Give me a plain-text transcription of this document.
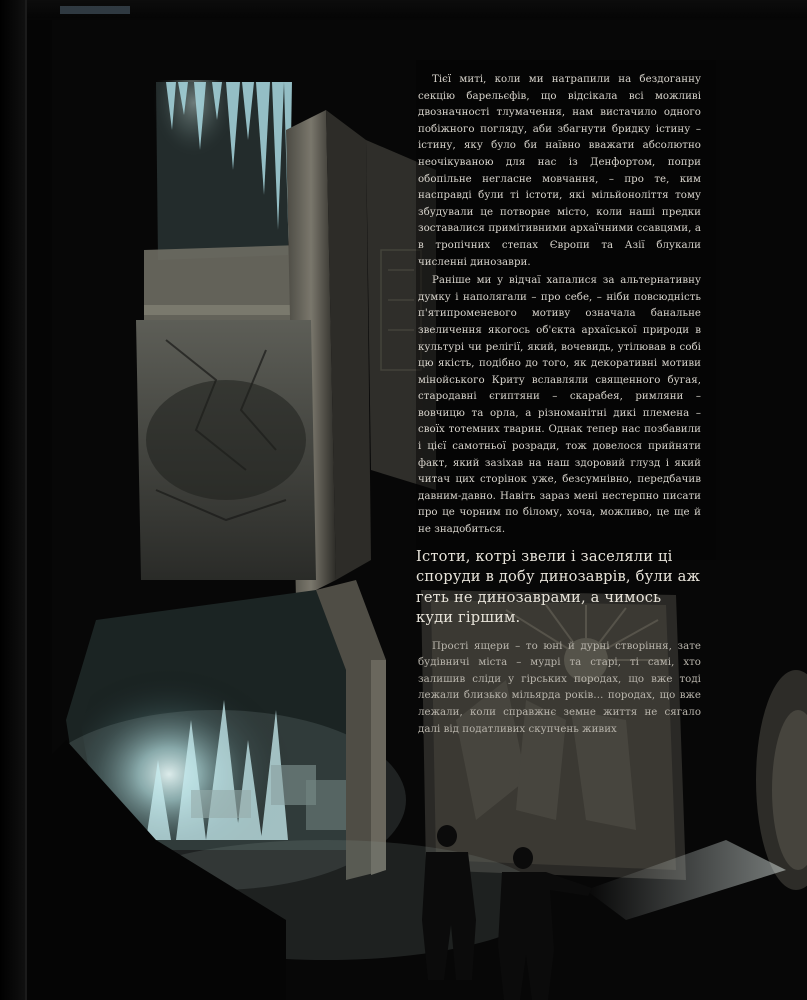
Тієї миті, коли ми натрапили на бездоганну секцію барельєфів, що відсікала всі можливі двозначності тлумачення, нам вистачило одного побіжного погляду, аби збагнути бридку істину – істину, яку було би наївно вважати абсолютно неочікуваною для нас із Денфортом, попри обопільне негласне мовчання, – про те, ким насправді були ті істоти, які мільйоноліття тому збудували це потворне місто, коли наші предки зоставалися примітивними архаїчними ссавцями, а в тропічних степах Європи та Азії блукали численні динозаври.

Раніше ми у відчаї хапалися за альтернативну думку і наполягали – про себе, – ніби повсюдність п'ятипроменевого мотиву означала банальне звеличення якогось об'єкта архаїської природи в культурі чи релігії, який, вочевидь, утілював в собі цю якість, подібно до того, як декоративні мотиви мінойського Криту вславляли священного бугая, стародавні єгиптяни – скарабея, римляни – вовчицю та орла, а різноманітні дикі племена – своїх тотемних тварин. Однак тепер нас позбавили і цієї самотньої розради, тож довелося прийняти факт, який зазіхав на наш здоровий глузд і який читач цих сторінок уже, безсумнівно, передбачив давним-давно. Навіть зараз мені нестерпно писати про це чорним по білому, хоча, можливо, це ще й не знадобиться.

Істоти, котрі звели і заселяли ці споруди в добу динозаврів, були аж геть не динозаврами, а чимось куди гіршим.

Прості ящери – то юні й дурні створіння, зате будівничі міста – мудрі та старі, ті самі, хто залишив сліди у гірських породах, що вже тоді лежали близько мільярда років… породах, що вже лежали, коли справжнє земне життя не сягало далі від податливих скупчень живих
